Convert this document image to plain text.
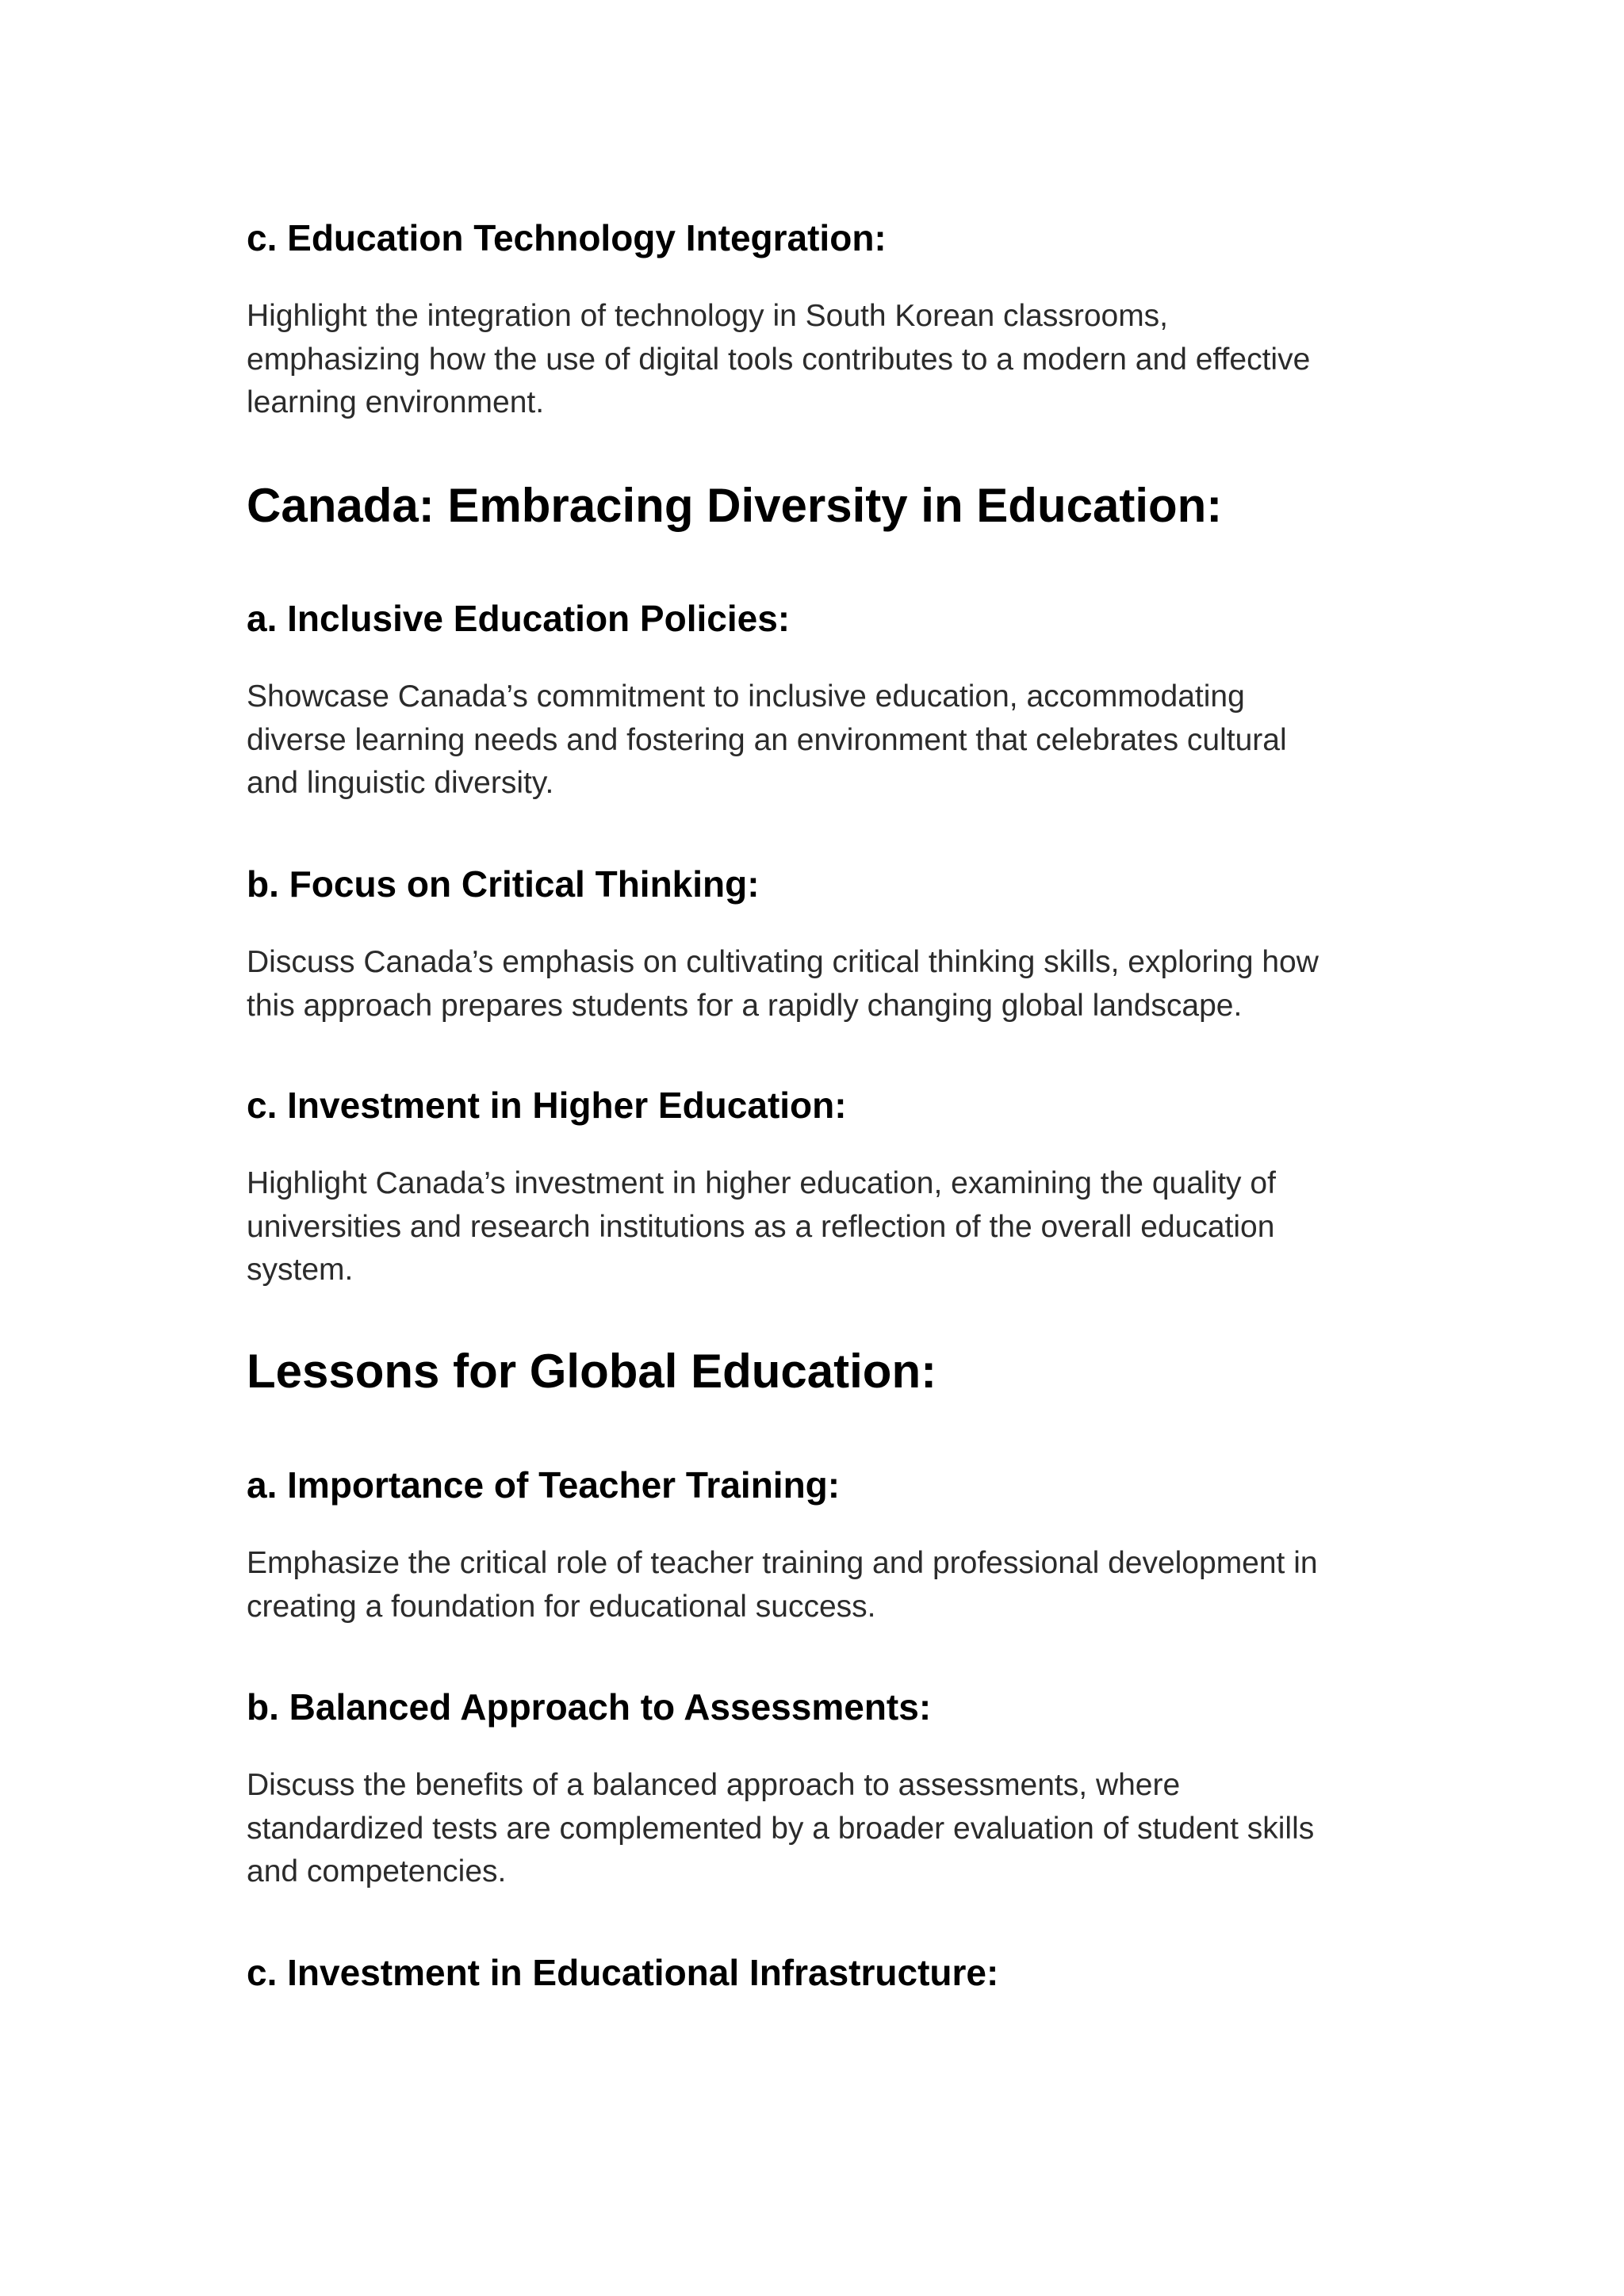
c. Education Technology Integration:

Highlight the integration of technology in South Korean classrooms,
emphasizing how the use of digital tools contributes to a modern and effective
learning environment.

Canada: Embracing Diversity in Education:
a. Inclusive Education Policies:

Showcase Canada’s commitment to inclusive education, accommodating
diverse learning needs and fostering an environment that celebrates cultural
and linguistic diversity.

b. Focus on Critical Thinking:

Discuss Canada’s emphasis on cultivating critical thinking skills, exploring how
this approach prepares students for a rapidly changing global landscape.

c. Investment in Higher Education:

Highlight Canada’s investment in higher education, examining the quality of
universities and research institutions as a reflection of the overall education
system.

Lessons for Global Education:
a. Importance of Teacher Training:

Emphasize the critical role of teacher training and professional development in
creating a foundation for educational success.

b. Balanced Approach to Assessments:

Discuss the benefits of a balanced approach to assessments, where
standardized tests are complemented by a broader evaluation of student skills
and competencies.

c. Investment in Educational Infrastructure:
